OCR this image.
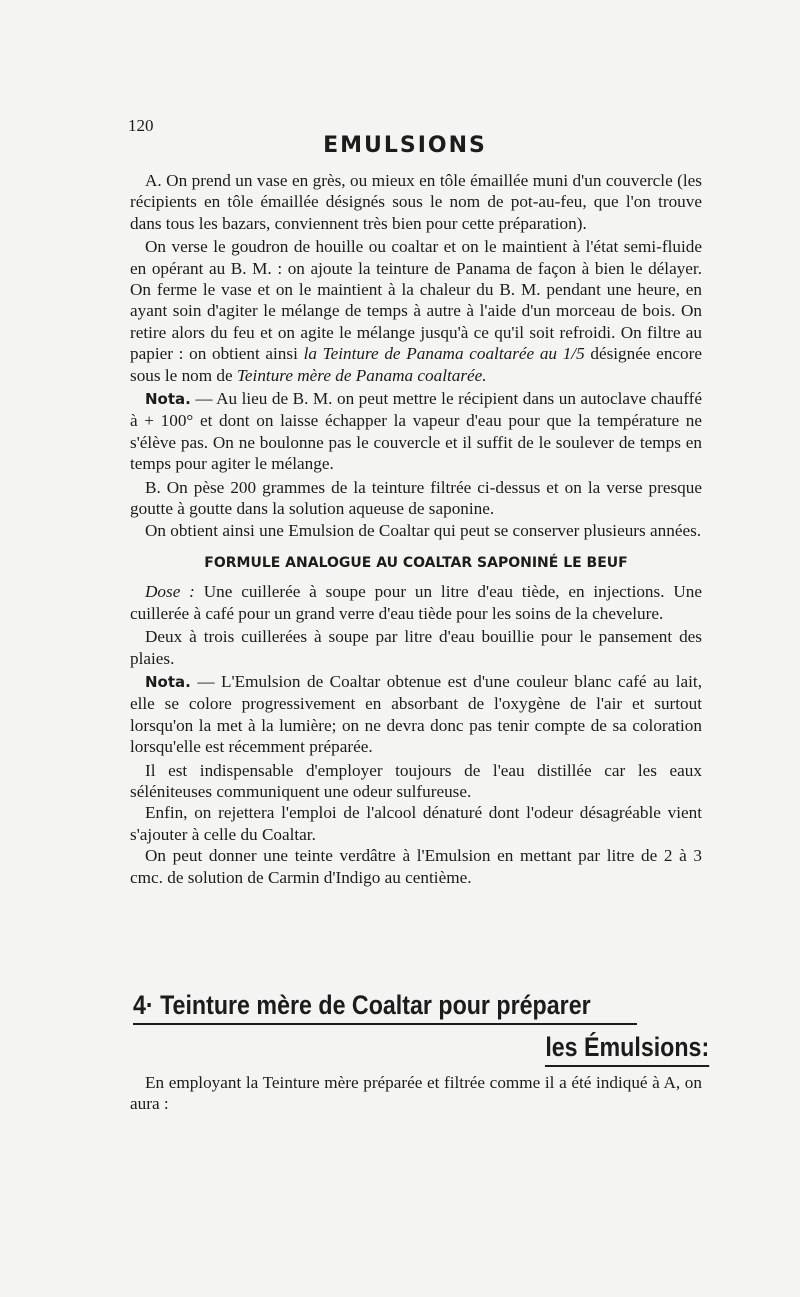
120
EMULSIONS

A. On prend un vase en grès, ou mieux en tôle émaillée muni d'un couvercle (les récipients en tôle émaillée désignés sous le nom de pot-au-feu, que l'on trouve dans tous les bazars, conviennent très bien pour cette préparation).

On verse le goudron de houille ou coaltar et on le maintient à l'état semi-fluide en opérant au B. M. : on ajoute la teinture de Panama de façon à bien le délayer. On ferme le vase et on le maintient à la chaleur du B. M. pendant une heure, en ayant soin d'agiter le mélange de temps à autre à l'aide d'un morceau de bois. On retire alors du feu et on agite le mélange jusqu'à ce qu'il soit refroidi. On filtre au papier : on obtient ainsi la Teinture de Panama coaltarée au 1/5 désignée encore sous le nom de Teinture mère de Panama coaltarée.

Nota. — Au lieu de B. M. on peut mettre le récipient dans un autoclave chauffé à + 100° et dont on laisse échapper la vapeur d'eau pour que la température ne s'élève pas. On ne boulonne pas le couvercle et il suffit de le soulever de temps en temps pour agiter le mélange.

B. On pèse 200 grammes de la teinture filtrée ci-dessus et on la verse presque goutte à goutte dans la solution aqueuse de saponine.

On obtient ainsi une Emulsion de Coaltar qui peut se conserver plusieurs années.

FORMULE ANALOGUE AU COALTAR SAPONINÉ LE BEUF

Dose : Une cuillerée à soupe pour un litre d'eau tiède, en injections. Une cuillerée à café pour un grand verre d'eau tiède pour les soins de la chevelure.

Deux à trois cuillerées à soupe par litre d'eau bouillie pour le pansement des plaies.

Nota. — L'Emulsion de Coaltar obtenue est d'une couleur blanc café au lait, elle se colore progressivement en absorbant de l'oxygène de l'air et surtout lorsqu'on la met à la lumière; on ne devra donc pas tenir compte de sa coloration lorsqu'elle est récemment préparée.

Il est indispensable d'employer toujours de l'eau distillée car les eaux séléniteuses communiquent une odeur sulfureuse.

Enfin, on rejettera l'emploi de l'alcool dénaturé dont l'odeur désagréable vient s'ajouter à celle du Coaltar.

On peut donner une teinte verdâtre à l'Emulsion en mettant par litre de 2 à 3 cmc. de solution de Carmin d'Indigo au centième.

4· Teinture mère de Coaltar pour préparer
les Émulsions:

En employant la Teinture mère préparée et filtrée comme il a été indiqué à A, on aura :
